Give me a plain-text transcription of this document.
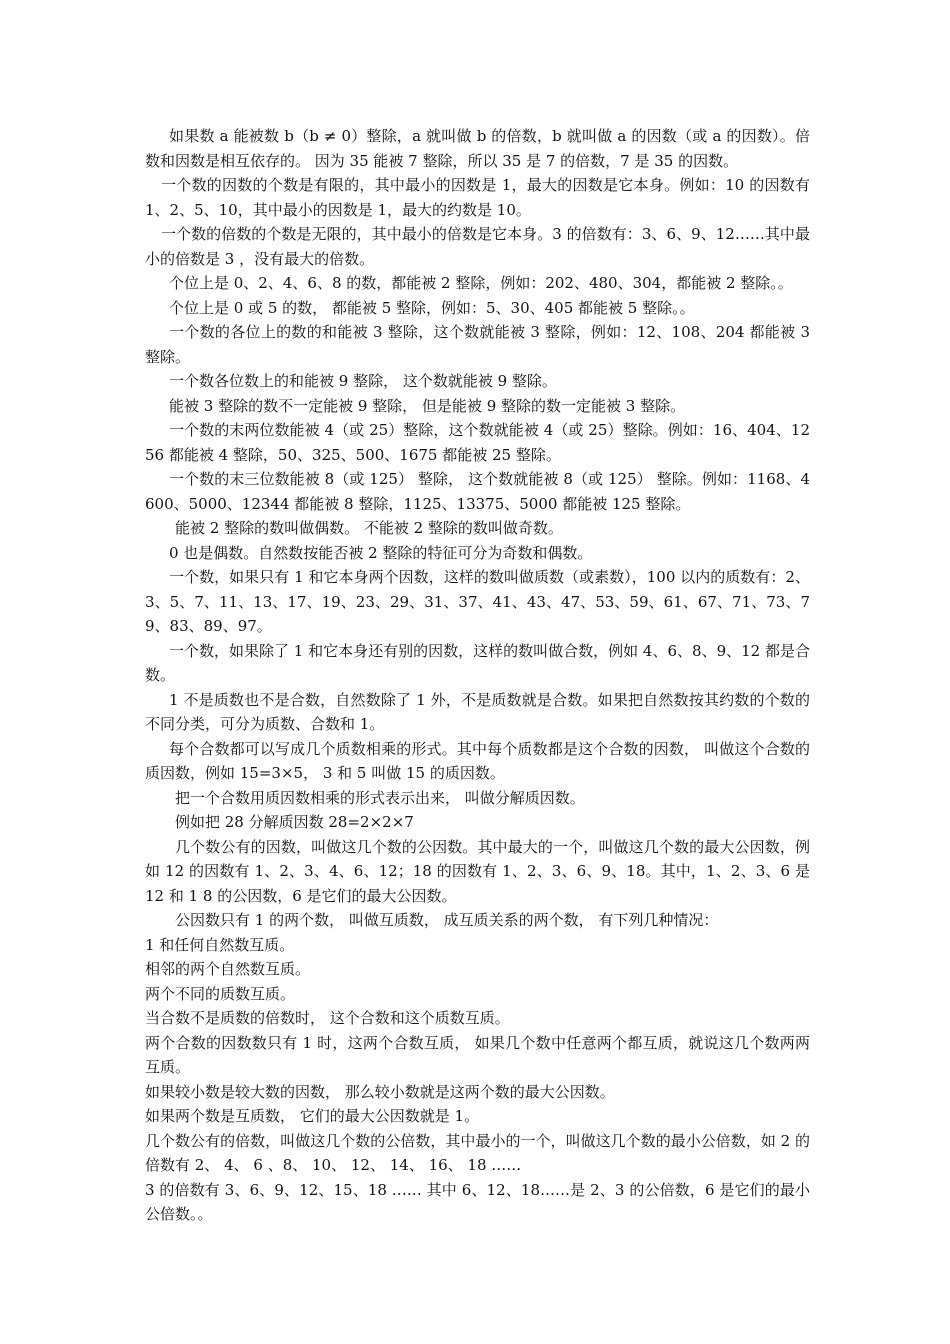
如果数 a 能被数 b（b ≠ 0）整除，a 就叫做 b 的倍数，b 就叫做 a 的因数（或 a 的因数）。倍数和因数是相互依存的。 因为 35 能被 7 整除，所以 35 是 7 的倍数，7 是 35 的因数。

一个数的因数的个数是有限的，其中最小的因数是 1，最大的因数是它本身。例如：10 的因数有 1、2、5、10，其中最小的因数是 1，最大的约数是 10。

一个数的倍数的个数是无限的，其中最小的倍数是它本身。3 的倍数有：3、6、9、12……其中最小的倍数是 3 ，没有最大的倍数。

个位上是 0、2、4、6、8 的数，都能被 2 整除，例如：202、480、304，都能被 2 整除。。

个位上是 0 或 5 的数， 都能被 5 整除，例如：5、30、405 都能被 5 整除。。

一个数的各位上的数的和能被 3 整除，这个数就能被 3 整除，例如：12、108、204 都能被 3 整除。

一个数各位数上的和能被 9 整除， 这个数就能被 9 整除。

能被 3 整除的数不一定能被 9 整除， 但是能被 9 整除的数一定能被 3 整除。

一个数的末两位数能被 4（或 25）整除，这个数就能被 4（或 25）整除。例如：16、404、1256 都能被 4 整除，50、325、500、1675 都能被 25 整除。

一个数的末三位数能被 8（或 125） 整除， 这个数就能被 8（或 125） 整除。例如：1168、4600、5000、12344 都能被 8 整除，1125、13375、5000 都能被 125 整除。

能被 2 整除的数叫做偶数。 不能被 2 整除的数叫做奇数。

0 也是偶数。自然数按能否被 2 整除的特征可分为奇数和偶数。

一个数，如果只有 1 和它本身两个因数，这样的数叫做质数（或素数），100 以内的质数有：2、3、5、7、11、13、17、19、23、29、31、37、41、43、47、53、59、61、67、71、73、79、83、89、97。

一个数，如果除了 1 和它本身还有别的因数，这样的数叫做合数，例如 4、6、8、9、12 都是合数。

1 不是质数也不是合数，自然数除了 1 外，不是质数就是合数。如果把自然数按其约数的个数的不同分类，可分为质数、合数和 1。

每个合数都可以写成几个质数相乘的形式。其中每个质数都是这个合数的因数， 叫做这个合数的质因数，例如 15=3×5， 3 和 5 叫做 15 的质因数。

把一个合数用质因数相乘的形式表示出来， 叫做分解质因数。

例如把 28 分解质因数 28=2×2×7

几个数公有的因数，叫做这几个数的公因数。其中最大的一个，叫做这几个数的最大公因数，例如 12 的因数有 1、2、3、4、6、12；18 的因数有 1、2、3、6、9、18。其中，1、2、3、6 是 12 和 1 8 的公因数，6 是它们的最大公因数。

公因数只有 1 的两个数， 叫做互质数， 成互质关系的两个数， 有下列几种情况：

1 和任何自然数互质。

相邻的两个自然数互质。

两个不同的质数互质。

当合数不是质数的倍数时， 这个合数和这个质数互质。

两个合数的因数数只有 1 时，这两个合数互质， 如果几个数中任意两个都互质，就说这几个数两两互质。

如果较小数是较大数的因数， 那么较小数就是这两个数的最大公因数。

如果两个数是互质数， 它们的最大公因数就是 1。

几个数公有的倍数，叫做这几个数的公倍数，其中最小的一个，叫做这几个数的最小公倍数，如 2 的倍数有 2、 4、 6 、8、 10、 12、 14、 16、 18 ……

3 的倍数有 3、6、9、12、15、18 …… 其中 6、12、18……是 2、3 的公倍数，6 是它们的最小公倍数。。
